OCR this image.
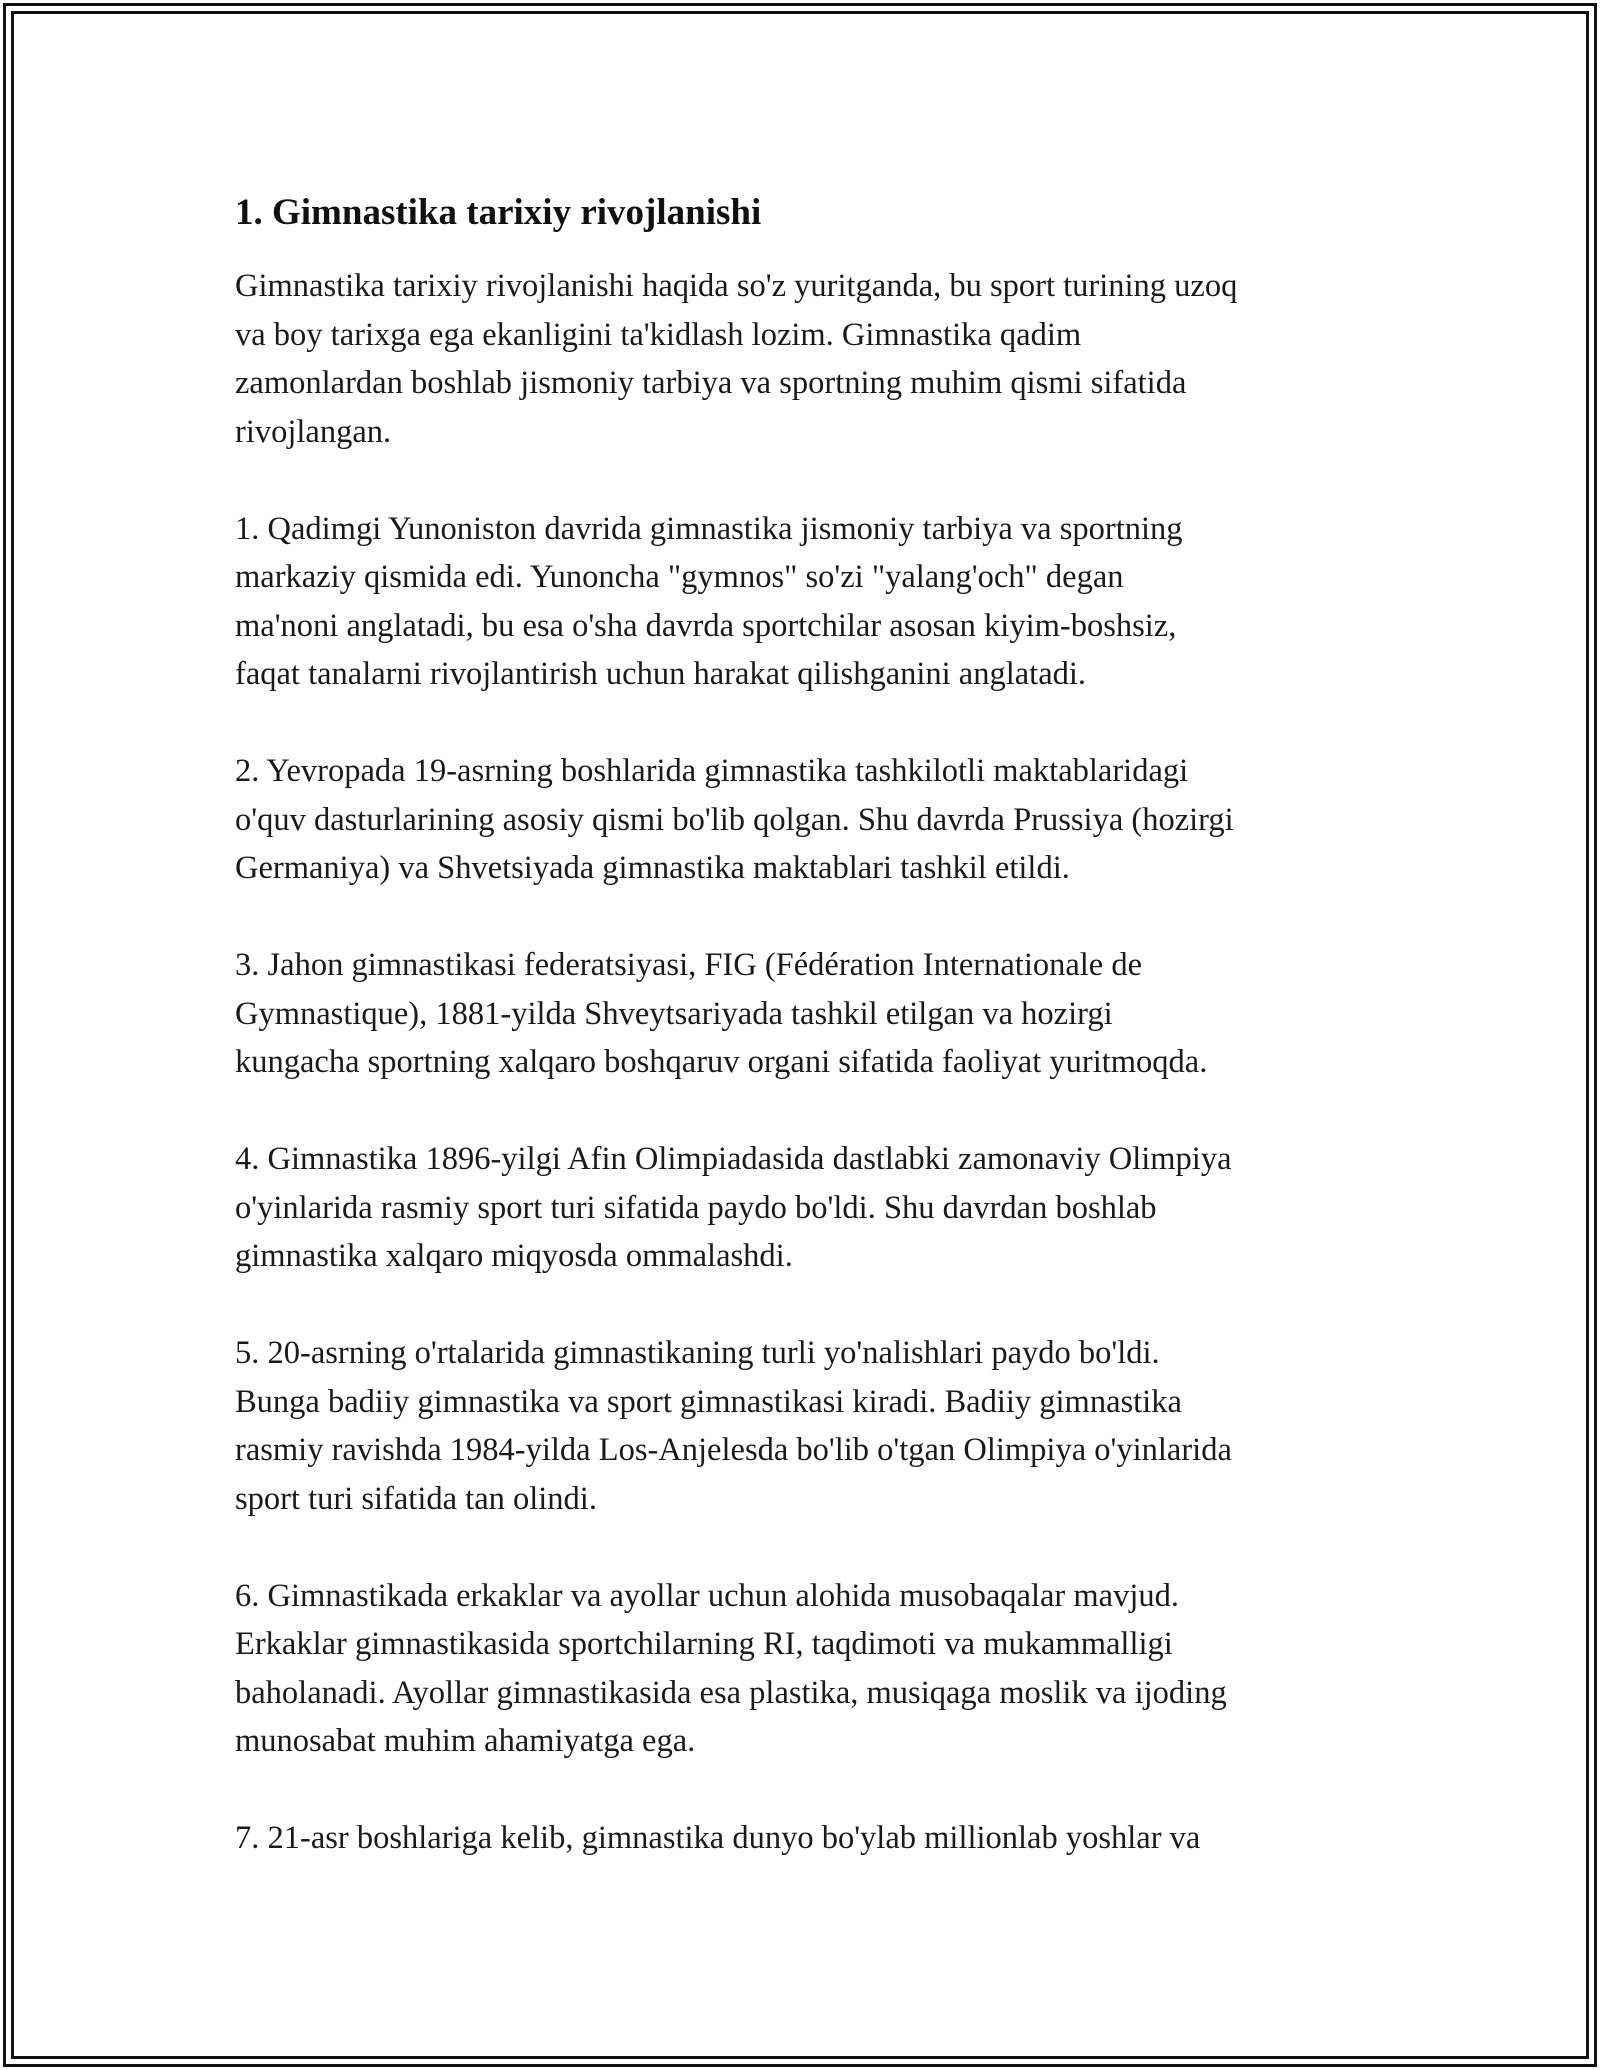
1. Gimnastika tarixiy rivojlanishi

Gimnastika tarixiy rivojlanishi haqida so'z yuritganda, bu sport turining uzoq
va boy tarixga ega ekanligini ta'kidlash lozim. Gimnastika qadim
zamonlardan boshlab jismoniy tarbiya va sportning muhim qismi sifatida
rivojlangan.

1. Qadimgi Yunoniston davrida gimnastika jismoniy tarbiya va sportning
markaziy qismida edi. Yunoncha "gymnos" so'zi "yalang'och" degan
ma'noni anglatadi, bu esa o'sha davrda sportchilar asosan kiyim-boshsiz,
faqat tanalarni rivojlantirish uchun harakat qilishganini anglatadi.

2. Yevropada 19-asrning boshlarida gimnastika tashkilotli maktablaridagi
o'quv dasturlarining asosiy qismi bo'lib qolgan. Shu davrda Prussiya (hozirgi
Germaniya) va Shvetsiyada gimnastika maktablari tashkil etildi.

3. Jahon gimnastikasi federatsiyasi, FIG (Fédération Internationale de
Gymnastique), 1881-yilda Shveytsariyada tashkil etilgan va hozirgi
kungacha sportning xalqaro boshqaruv organi sifatida faoliyat yuritmoqda.

4. Gimnastika 1896-yilgi Afin Olimpiadasida dastlabki zamonaviy Olimpiya
o'yinlarida rasmiy sport turi sifatida paydo bo'ldi. Shu davrdan boshlab
gimnastika xalqaro miqyosda ommalashdi.

5. 20-asrning o'rtalarida gimnastikaning turli yo'nalishlari paydo bo'ldi.
Bunga badiiy gimnastika va sport gimnastikasi kiradi. Badiiy gimnastika
rasmiy ravishda 1984-yilda Los-Anjelesda bo'lib o'tgan Olimpiya o'yinlarida
sport turi sifatida tan olindi.

6. Gimnastikada erkaklar va ayollar uchun alohida musobaqalar mavjud.
Erkaklar gimnastikasida sportchilarning RI, taqdimoti va mukammalligi
baholanadi. Ayollar gimnastikasida esa plastika, musiqaga moslik va ijoding
munosabat muhim ahamiyatga ega.

7. 21-asr boshlariga kelib, gimnastika dunyo bo'ylab millionlab yoshlar va
